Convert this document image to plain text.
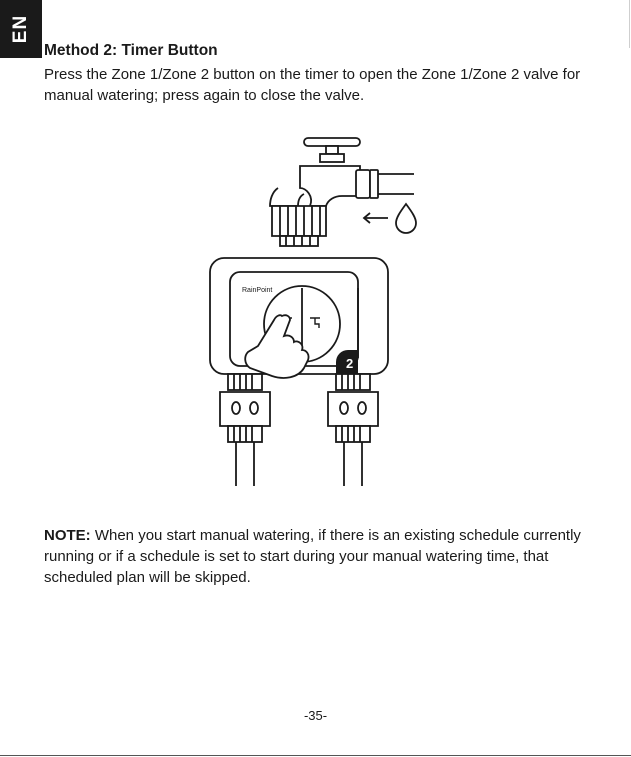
EN
Method 2: Timer Button

Press the Zone 1/Zone 2 button on the timer to open the Zone 1/Zone 2 valve for manual watering; press again to close the valve.

RainPoint
2

NOTE: When you start manual watering, if there is an existing schedule currently running or if a schedule is set to start during your manual watering time, that scheduled plan will be skipped.

-35-
